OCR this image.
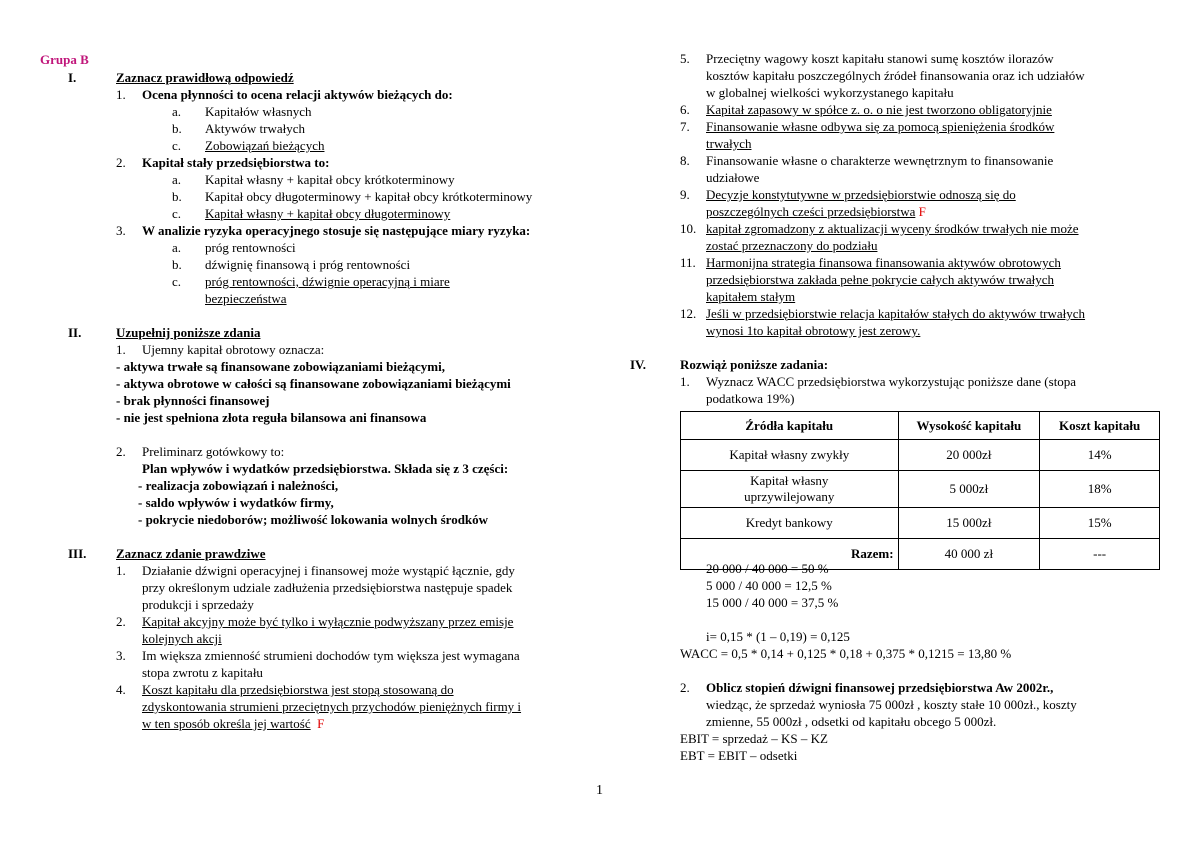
Grupa B
I.	Zaznacz prawidłową odpowiedź
1. Ocena płynności to ocena relacji aktywów bieżących do:
a. Kapitałów własnych
b. Aktywów trwałych
c. Zobowiązań bieżących
2. Kapitał stały przedsiębiorstwa to:
a. Kapitał własny + kapitał obcy krótkoterminowy
b. Kapitał obcy długoterminowy + kapitał obcy krótkoterminowy
c. Kapitał własny + kapitał obcy długoterminowy
3. W analizie ryzyka operacyjnego stosuje się następujące miary ryzyka:
a. próg rentowności
b. dźwignię finansową i próg rentowności
c. próg rentowności, dźwignie operacyjną i miare
bezpieczeństwa
II.	Uzupełnij poniższe zdania
1. Ujemny kapitał obrotowy oznacza:
- aktywa trwałe są finansowane zobowiązaniami bieżącymi,
- aktywa obrotowe w całości są finansowane zobowiązaniami bieżącymi
- brak płynności finansowej
- nie jest spełniona złota reguła bilansowa ani finansowa
2. Preliminarz gotówkowy to:
Plan wpływów i wydatków przedsiębiorstwa. Składa się z 3 części:
- realizacja zobowiązań i należności,
- saldo wpływów i wydatków firmy,
- pokrycie niedoborów; możliwość lokowania wolnych środków
III. Zaznacz zdanie prawdziwe
1. Działanie dźwigni operacyjnej i finansowej może wystąpić łącznie, gdy
przy określonym udziale zadłużenia przedsiębiorstwa następuje spadek
produkcji i sprzedaży
2. Kapitał akcyjny może być tylko i wyłącznie podwyższany przez emisje
kolejnych akcji
3. Im większa zmienność strumieni dochodów tym większa jest wymagana
stopa zwrotu z kapitału
4. Koszt kapitału dla przedsiębiorstwa jest stopą stosowaną do
zdyskontowania strumieni przeciętnych przychodów pieniężnych firmy i
w ten sposób określa jej wartość F
5. Przeciętny wagowy koszt kapitału stanowi sumę kosztów ilorazów
kosztów kapitału poszczególnych źródeł finansowania oraz ich udziałów
w globalnej wielkości wykorzystanego kapitału
6. Kapitał zapasowy w spółce z. o. o nie jest tworzono obligatoryjnie
7. Finansowanie własne odbywa się za pomocą spieniężenia środków
trwałych
8. Finansowanie własne o charakterze wewnętrznym to finansowanie
udziałowe
9. Decyzje konstytutywne w przedsiębiorstwie odnoszą się do
poszczególnych cześci przedsiębiorstwa F
10. kapitał zgromadzony z aktualizacji wyceny środków trwałych nie może
zostać przeznaczony do podziału
11. Harmonijna strategia finansowa finansowania aktywów obrotowych
przedsiębiorstwa zakłada pełne pokrycie całych aktywów trwałych
kapitałem stałym
12. Jeśli w przedsiębiorstwie relacja kapitałów stałych do aktywów trwałych
wynosi 1to kapitał obrotowy jest zerowy.
IV.	Rozwiąż poniższe zadania:
1. Wyznacz WACC przedsiębiorstwa wykorzystując poniższe dane (stopa
podatkowa 19%)
Źródła kapitału	Wysokość kapitału	Koszt kapitału
Kapitał własny zwykły	20 000zł	14%

Kapitał własny
uprzywilejowany	5 000zł	18%
Kredyt bankowy	15 000zł	15%
Razem:	40 000 zł	---
20 000 / 40 000 = 50 %
5 000 / 40 000 = 12,5 %
15 000 / 40 000 = 37,5 %
i= 0,15 * (1 – 0,19) = 0,125
WACC = 0,5 * 0,14 + 0,125 * 0,18 + 0,375 * 0,1215 = 13,80 %
2. Oblicz stopień dźwigni finansowej przedsiębiorstwa Aw 2002r.,
wiedząc, że sprzedaż wyniosła 75 000zł , koszty stałe 10 000zł., koszty
zmienne, 55 000zł , odsetki od kapitału obcego 5 000zł.
EBIT = sprzedaż – KS – KZ
EBT = EBIT – odsetki
1
